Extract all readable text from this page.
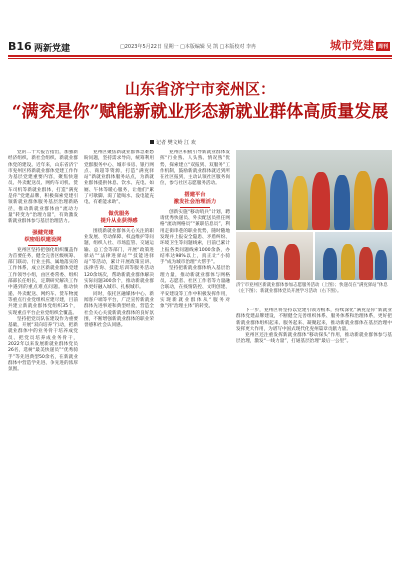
B16 两新党建	□2023年5月22日 星期一 □本版编辑 吴 凯 □本版校对 李冉	城市党建 周刊
山东省济宁市兖州区：
“满兖是你”赋能新就业形态新就业群体高质量发展
记者 樊文岭 江 欢

党的二十大报告指出，加强新经济组织、新社会组织、新就业群体党的建设。近年来，山东省济宁市兖州区将新就业群体党建工作作为基层党建重要内容，聚焦快递员、外卖配送员、网约车司机、货车司机等新就业群体，打造“满兖是你”党建品牌，积极探索党建引领新就业群体服务基层治理新路径，推动新就业群体由“流动力量”转变为“治理力量”，有效激发新就业群体参与基层治理活力。

强健党建
织密组织建设网

兖州区坚持把强化组织覆盖作为首要任务，健全完善区级统筹、部门联动、行业主抓、属地落实的工作体系，成立区新就业群体党建工作领导小组，由区委常委、组织部部长任组长，定期研究解决工作中遇到的重点难点问题。推动快递、外卖配送、网约车、货车物流等重点行业党组织应建尽建，目前共建立新就业群体党组织35个，实现重点平台企业党组织全覆盖。

坚持把党员队伍建设作为重要基础，开展“双向培养”行动，把新就业群体中的业务骨干培养成党员、把党员培养成业务骨干，2022年以来发展新就业群体党员26名，选树“最美快递员”“优秀骑手”等先进典型50余名，在新就业群体中营造学先进、争先进的浓厚氛围。

兖州区聚焦新就业群体急难愁盼问题，坚持需求导向，统筹利用党群服务中心、城市书房、银行网点、商超等资源，打造“满兖驿站”新就业群体服务站点，为新就业群体提供休息、饮水、充电、如厕、午休等暖心服务，让他们“累了可歇脚、渴了能喝水、没电能充电、有难能求助”。

做优服务
提升从业获得感

围绕新就业群体关心关注的职业发展、劳动保障、权益维护等问题，组织人社、市场监管、交通运输、总工会等部门，开展“政策进驿站”“法律进驿站”“技能进驿站”等活动，累计开展政策宣讲、法律咨询、技能培训等服务活动120余场次，帮助新就业群体解决实际问题300余个，推动新就业群体更好融入城市、扎根城市。

同时，依托区融媒体中心、新闻客户端等平台，广泛宣传新就业群体先进事迹和典型经验，营造全社会关心关爱新就业群体的良好氛围，不断增强新就业群体的职业荣誉感和社会认同感。

兖州区积极引导新就业群体发挥“行业熟、人头熟、情况熟”优势，探索建立“双报到、双服务”工作机制，鼓励新就业群体就近到所在社区报到，主动认领社区服务岗位，参与社区志愿服务活动。

搭建平台
激发社会治理活力

创新实施“移动哨兵”计划，聘请优秀快递员、外卖配送员担任网格“流动网格员”“兼职信息员”，利用走街串巷的职业优势，随时随地发现并上报安全隐患、矛盾纠纷、环境卫生等问题线索，目前已累计上报各类问题线索1000余条，办结率达98%以上，真正让“小骑手”成为城市治理“大帮手”。

坚持把新就业群体纳入基层治理力量，推动新就业群体与网格员、志愿者、社区工作者等力量融合联动，在疫情防控、文明创建、平安建设等工作中积极发挥作用，实现新就业群体从“服务对象”到“治理主体”的转变。

下一步，兖州区将坚持以党建引领为根本，持续深化“满兖是你”新就业群体党建品牌建设，不断健全完善组织体系、服务体系和治理体系，更好把新就业群体组织起来、服务起来、凝聚起来，推动新就业群体在基层治理中发挥更大作用，为谱写中国式现代化兖州篇章贡献力量。

兖州区还注重发挥新就业群体“移动探头”作用，推动新就业群体参与基层治理，激发“一线力量”，打通基层治理“最后一公里”。

济宁市兖州区新就业群体参加志愿服务活动（上图）；快递员在“满兖驿站”休息（左下图）；新就业群体党员开展学习活动（右下图）。
